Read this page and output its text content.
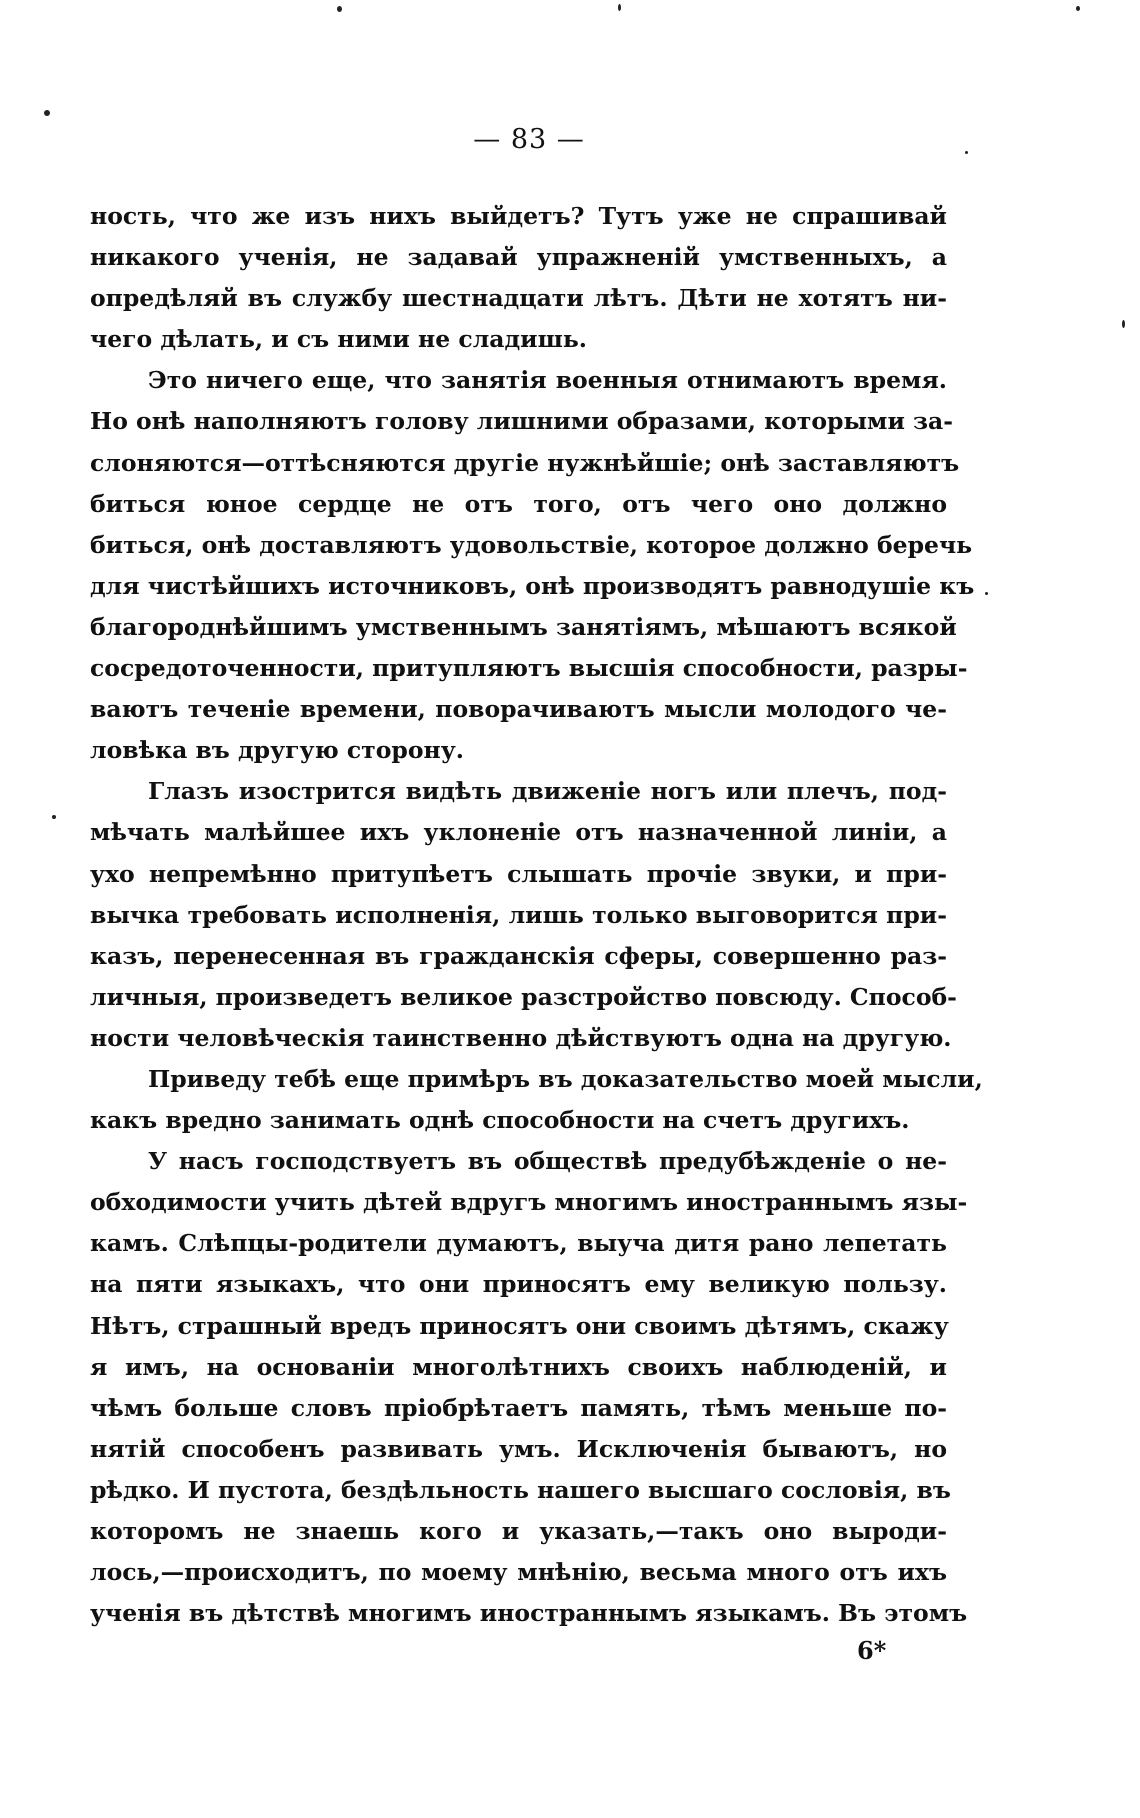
— 83 —
ность, что же изъ нихъ выйдетъ? Тутъ уже не спрашивай
никакого ученія, не задавай упражненій умственныхъ, а
опредѣляй въ службу шестнадцати лѣтъ. Дѣти не хотятъ ни-
чего дѣлать, и съ ними не сладишь.
Это ничего еще, что занятія военныя отнимаютъ время.
Но онѣ наполняютъ голову лишними образами, которыми за-
слоняются—оттѣсняются другіе нужнѣйшіе; онѣ заставляютъ
биться юное сердце не отъ того, отъ чего оно должно
биться, онѣ доставляютъ удовольствіе, которое должно беречь
для чистѣйшихъ источниковъ, онѣ производятъ равнодушіе къ
благороднѣйшимъ умственнымъ занятіямъ, мѣшаютъ всякой
сосредоточенности, притупляютъ высшія способности, разры-
ваютъ теченіе времени, поворачиваютъ мысли молодого че-
ловѣка въ другую сторону.
Глазъ изострится видѣть движеніе ногъ или плечъ, под-
мѣчать малѣйшее ихъ уклоненіе отъ назначенной линіи, а
ухо непремѣнно притупѣетъ слышать прочіе звуки, и при-
вычка требовать исполненія, лишь только выговорится при-
казъ, перенесенная въ гражданскія сферы, совершенно раз-
личныя, произведетъ великое разстройство повсюду. Способ-
ности человѣческія таинственно дѣйствуютъ одна на другую.
Приведу тебѣ еще примѣръ въ доказательство моей мысли,
какъ вредно занимать однѣ способности на счетъ другихъ.
У насъ господствуетъ въ обществѣ предубѣжденіе о не-
обходимости учить дѣтей вдругъ многимъ иностраннымъ язы-
камъ. Слѣпцы-родители думаютъ, выуча дитя рано лепетать
на пяти языкахъ, что они приносятъ ему великую пользу.
Нѣтъ, страшный вредъ приносятъ они своимъ дѣтямъ, скажу
я имъ, на основаніи многолѣтнихъ своихъ наблюденій, и
чѣмъ больше словъ пріобрѣтаетъ память, тѣмъ меньше по-
нятій способенъ развивать умъ. Исключенія бываютъ, но
рѣдко. И пустота, бездѣльность нашего высшаго сословія, въ
которомъ не знаешь кого и указать,—такъ оно выроди-
лось,—происходитъ, по моему мнѣнію, весьма много отъ ихъ
ученія въ дѣтствѣ многимъ иностраннымъ языкамъ. Въ этомъ
6*
